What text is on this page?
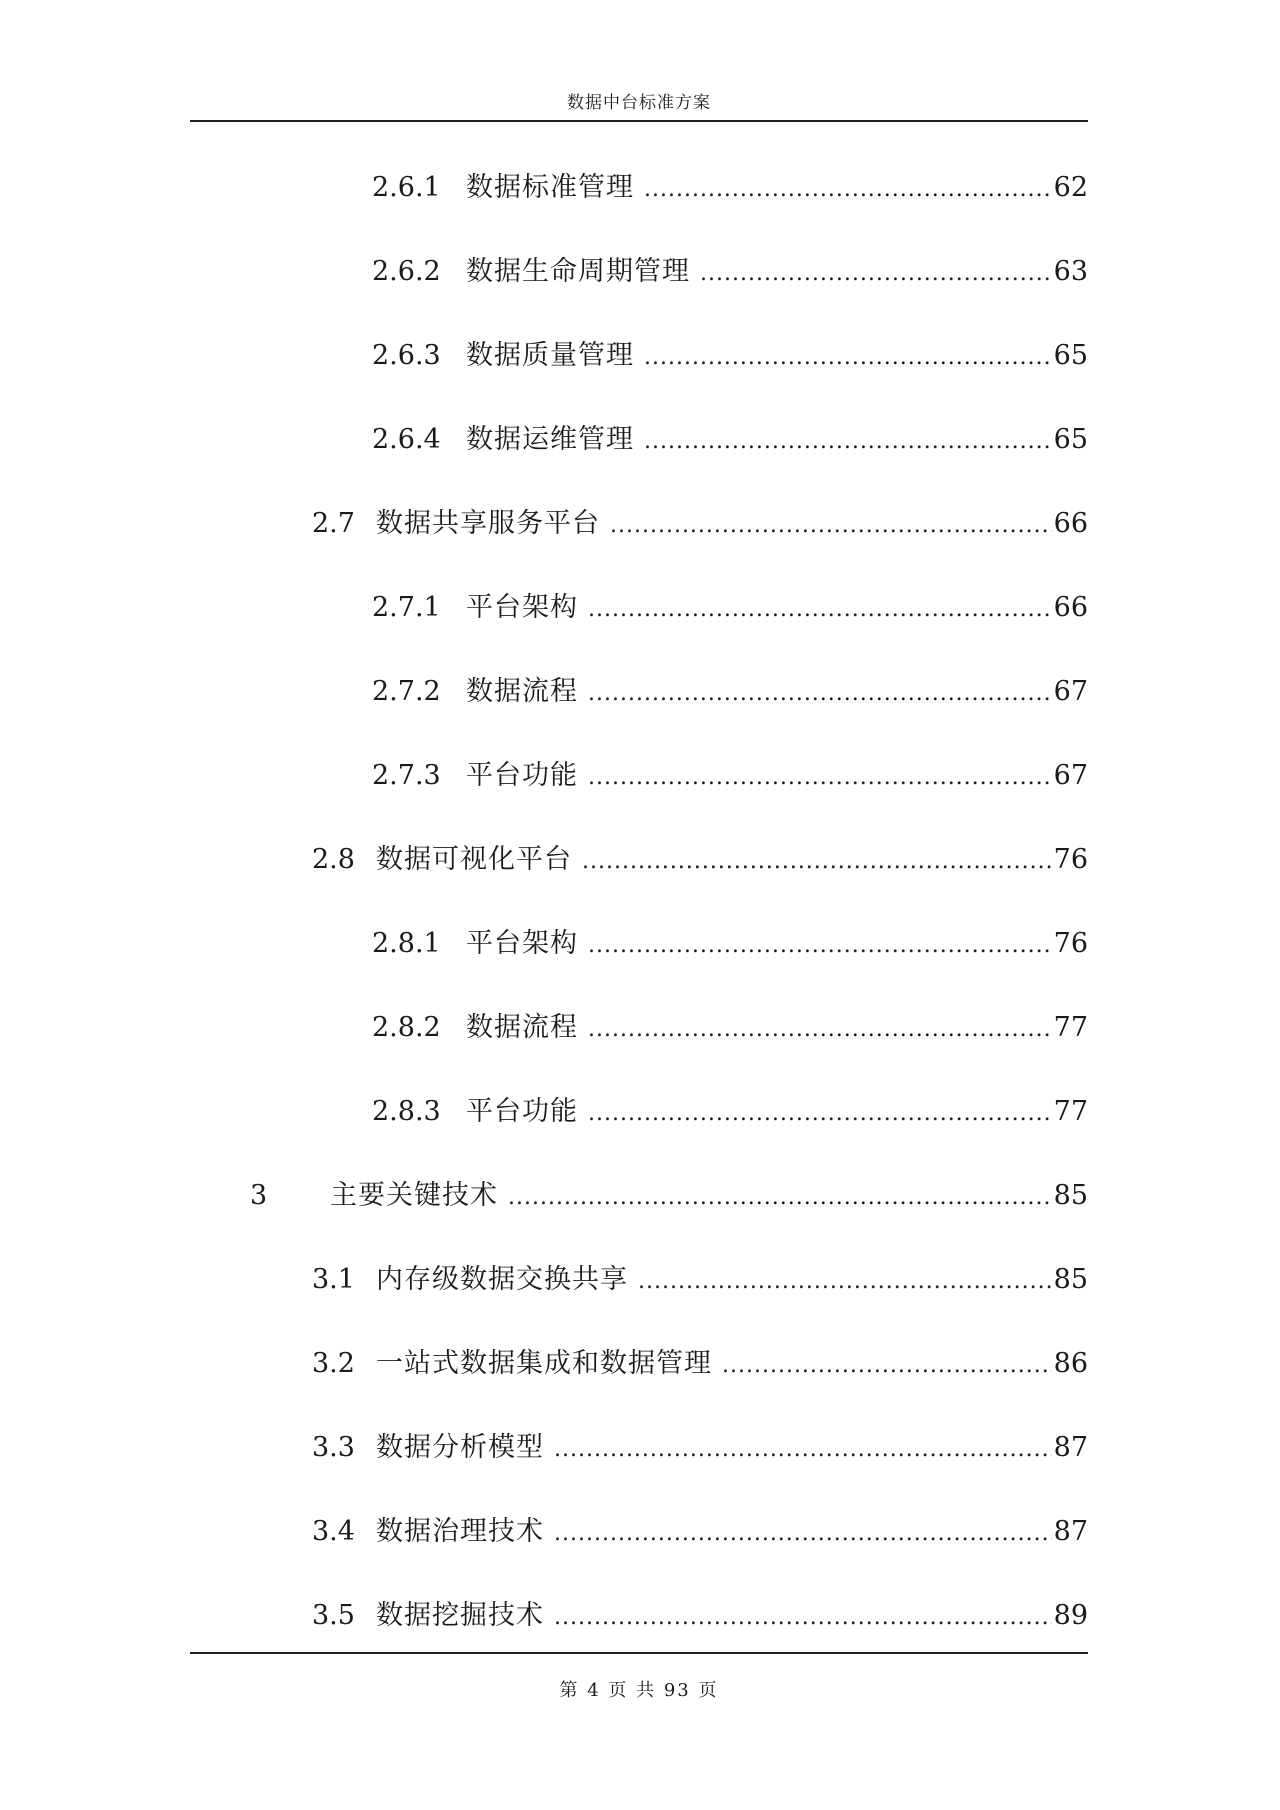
数据中台标准方案
2.6.1 数据标准管理 .....	62
2.6.2 数据生命周期管理 .....	63
2.6.3 数据质量管理 .....	65
2.6.4 数据运维管理 .....	65
2.7 数据共享服务平台 .....	66
2.7.1 平台架构 .....	66
2.7.2 数据流程 .....	67
2.7.3 平台功能 .....	67
2.8 数据可视化平台 .....	76
2.8.1 平台架构 .....	76
2.8.2 数据流程 .....	77
2.8.3 平台功能 .....	77
3	主要关键技术 .....	85
3.1 内存级数据交换共享 .....	85
3.2 一站式数据集成和数据管理 .....	86
3.3 数据分析模型 .....	87
3.4 数据治理技术 .....	87
3.5 数据挖掘技术 .....	89
第 4 页 共 93 页
